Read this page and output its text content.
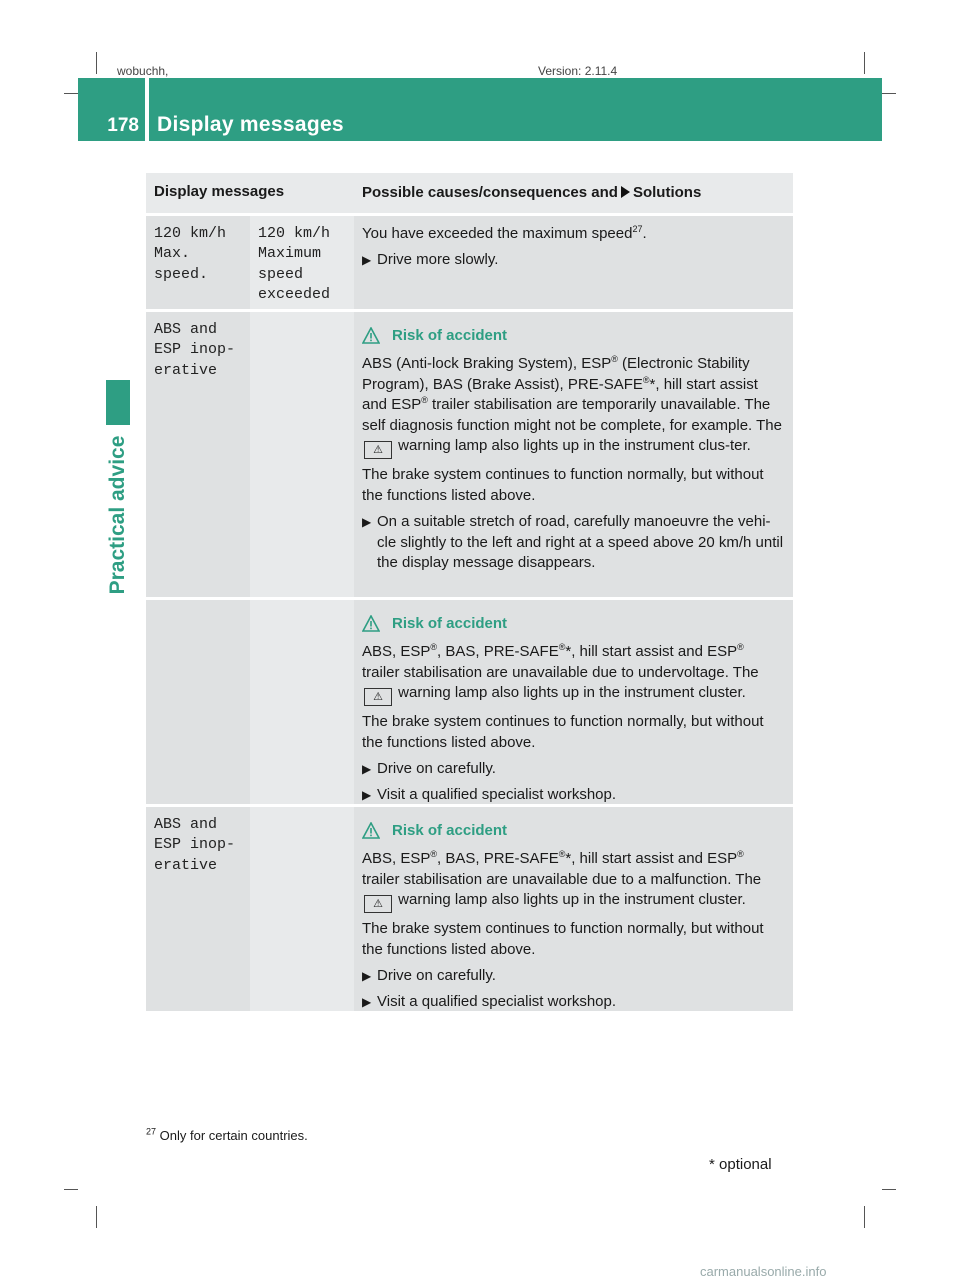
wobuchh,	Version: 2.11.4
178 Display messages
Practical advice
Display messages	Possible causes/consequences and Solutions
120 km/h
Max.
speed.
120 km/h
Maximum
speed
exceeded

You have exceeded the maximum speed$^{27}$.

▶ Drive more slowly.

ABS and
ESP inop-
erative

Risk of accident

ABS (Anti-lock Braking System), ESP® (Electronic Stability Program), BAS (Brake Assist), PRE-SAFE®*, hill start assist and ESP® trailer stabilisation are temporarily unavailable. The self diagnosis function might not be complete, for example. The ⚠ warning lamp also lights up in the instrument clus-ter.

The brake system continues to function normally, but without the functions listed above.

▶ On a suitable stretch of road, carefully manoeuvre the vehi-cle slightly to the left and right at a speed above 20 km/h until the display message disappears.

Risk of accident

ABS, ESP®, BAS, PRE-SAFE®*, hill start assist and ESP® trailer stabilisation are unavailable due to undervoltage. The ⚠ warning lamp also lights up in the instrument cluster.

The brake system continues to function normally, but without the functions listed above.

▶ Drive on carefully.

▶ Visit a qualified specialist workshop.

ABS and
ESP inop-
erative

Risk of accident

ABS, ESP®, BAS, PRE-SAFE®*, hill start assist and ESP® trailer stabilisation are unavailable due to a malfunction. The ⚠ warning lamp also lights up in the instrument cluster.

The brake system continues to function normally, but without the functions listed above.

▶ Drive on carefully.

▶ Visit a qualified specialist workshop.

$^{27}$ Only for certain countries.
* optional
carmanualsonline.info
